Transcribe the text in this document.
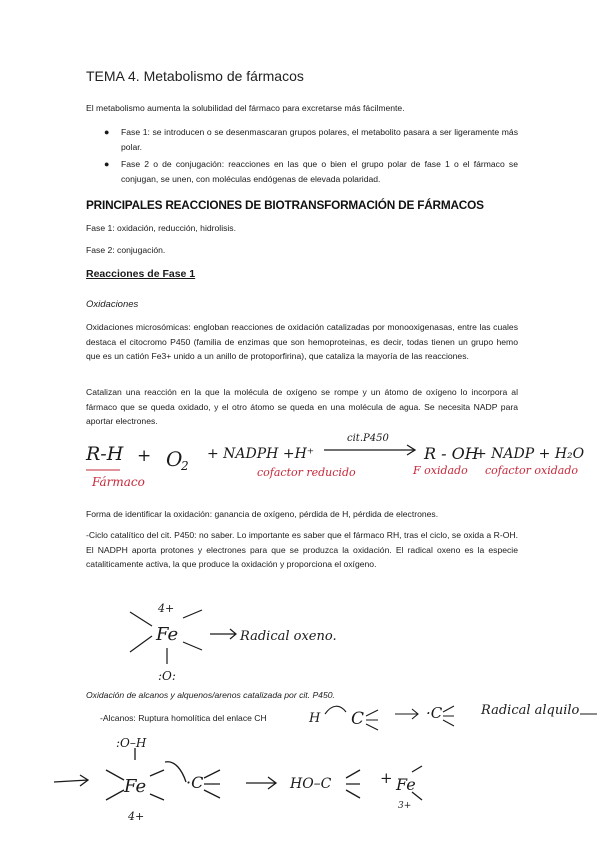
TEMA 4. Metabolismo de fármacos

El metabolismo aumenta la solubilidad del fármaco para excretarse más fácilmente.

● Fase 1: se introducen o se desenmascaran grupos polares, el metabolito pasara a ser ligeramente más polar.
● Fase 2 o de conjugación: reacciones en las que o bien el grupo polar de fase 1 o el fármaco se conjugan, se unen, con moléculas endógenas de elevada polaridad.
PRINCIPALES REACCIONES DE BIOTRANSFORMACIÓN DE FÁRMACOS

Fase 1: oxidación, reducción, hidrolisis.

Fase 2: conjugación.

Reacciones de Fase 1

Oxidaciones

Oxidaciones microsómicas: engloban reacciones de oxidación catalizadas por monooxigenasas, entre las cuales destaca el citocromo P450 (familia de enzimas que son hemoproteinas, es decir, todas tienen un grupo hemo que es un catión Fe3+ unido a un anillo de protoporfirina), que cataliza la mayoría de las reacciones.

Catalizan una reacción en la que la molécula de oxígeno se rompe y un átomo de oxígeno lo incorpora al fármaco que se queda oxidado, y el otro átomo se queda en una molécula de agua. Se necesita NADP para aportar electrones.

R-H + O
2
+ NADPH +H⁺
cit.P450
R - OH
+ NADP + H₂O
Fármaco
cofactor reducido	F oxidado cofactor oxidado
4+
Fe
:O:
Radical oxeno.
H C	·C	Radical alquilo
:O–H
Fe
4+
·C	HO–C	+ Fe
3+

Forma de identificar la oxidación: ganancia de oxígeno, pérdida de H, pérdida de electrones.

-Ciclo catalítico del cit. P450: no saber. Lo importante es saber que el fármaco RH, tras el ciclo, se oxida a R-OH. El NADPH aporta protones y electrones para que se produzca la oxidación. El radical oxeno es la especie cataliticamente activa, la que produce la oxidación y proporciona el oxígeno.

Oxidación de alcanos y alquenos/arenos catalizada por cit. P450.

-Alcanos: Ruptura homolítica del enlace CH
